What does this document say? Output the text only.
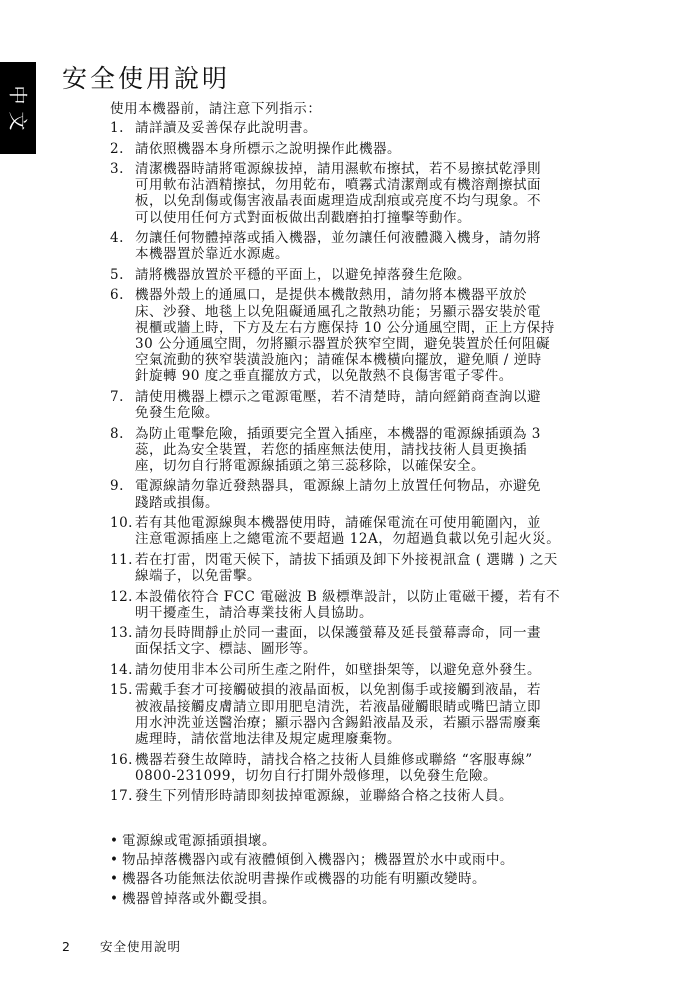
中
文
安全使用說明
使用本機器前，請注意下列指示：
1. 請詳讀及妥善保存此說明書。
2. 請依照機器本身所標示之說明操作此機器。
3. 清潔機器時請將電源線拔掉，請用濕軟布擦拭，若不易擦拭乾淨則
可用軟布沾酒精擦拭，勿用乾布，噴霧式清潔劑或有機溶劑擦拭面
板，以免刮傷或傷害液晶表面處理造成刮痕或亮度不均勻現象。不
可以使用任何方式對面板做出刮戳磨拍打撞擊等動作。
4. 勿讓任何物體掉落或插入機器，並勿讓任何液體濺入機身，請勿將
本機器置於靠近水源處。
5. 請將機器放置於平穩的平面上，以避免掉落發生危險。
6. 機器外殼上的通風口，是提供本機散熱用，請勿將本機器平放於
床、沙發、地毯上以免阻礙通風孔之散熱功能；另顯示器安裝於電
視櫃或牆上時，下方及左右方應保持 10 公分通風空間，正上方保持
30 公分通風空間，勿將顯示器置於狹窄空間，避免裝置於任何阻礙
空氣流動的狹窄裝潢設施內；請確保本機橫向擺放，避免順 / 逆時
針旋轉 90 度之垂直擺放方式，以免散熱不良傷害電子零件。
7. 請使用機器上標示之電源電壓，若不清楚時，請向經銷商查詢以避
免發生危險。
8. 為防止電擊危險，插頭要完全置入插座，本機器的電源線插頭為 3
蕊，此為安全裝置，若您的插座無法使用，請找技術人員更換插
座，切勿自行將電源線插頭之第三蕊移除，以確保安全。
9. 電源線請勿靠近發熱器具，電源線上請勿上放置任何物品，亦避免
踐踏或損傷。
10. 若有其他電源線與本機器使用時，請確保電流在可使用範圍內，並
注意電源插座上之總電流不要超過 12A，勿超過負載以免引起火災。
11. 若在打雷，閃電天候下，請拔下插頭及卸下外接視訊盒 ( 選購 ) 之天
線端子，以免雷擊。
12. 本設備依符合 FCC 電磁波 B 級標準設計，以防止電磁干擾，若有不
明干擾產生，請洽專業技術人員協助。
13. 請勿長時間靜止於同一畫面，以保護螢幕及延長螢幕壽命，同一畫
面保括文字、標誌、圖形等。
14. 請勿使用非本公司所生產之附件，如壁掛架等，以避免意外發生。
15. 需戴手套才可接觸破損的液晶面板，以免割傷手或接觸到液晶，若
被液晶接觸皮膚請立即用肥皂清洗，若液晶碰觸眼睛或嘴巴請立即
用水沖洗並送醫治療；顯示器內含錫鉛液晶及汞，若顯示器需廢棄
處理時，請依當地法律及規定處理廢棄物。
16. 機器若發生故障時，請找合格之技術人員維修或聯絡 “客服專線”
0800-231099，切勿自行打開外殼修理，以免發生危險。
17. 發生下列情形時請即刻拔掉電源線，並聯絡合格之技術人員。
• 電源線或電源插頭損壞。
• 物品掉落機器內或有液體傾倒入機器內；機器置於水中或雨中。
• 機器各功能無法依說明書操作或機器的功能有明顯改變時。
• 機器曾掉落或外觀受損。
2 安全使用說明
